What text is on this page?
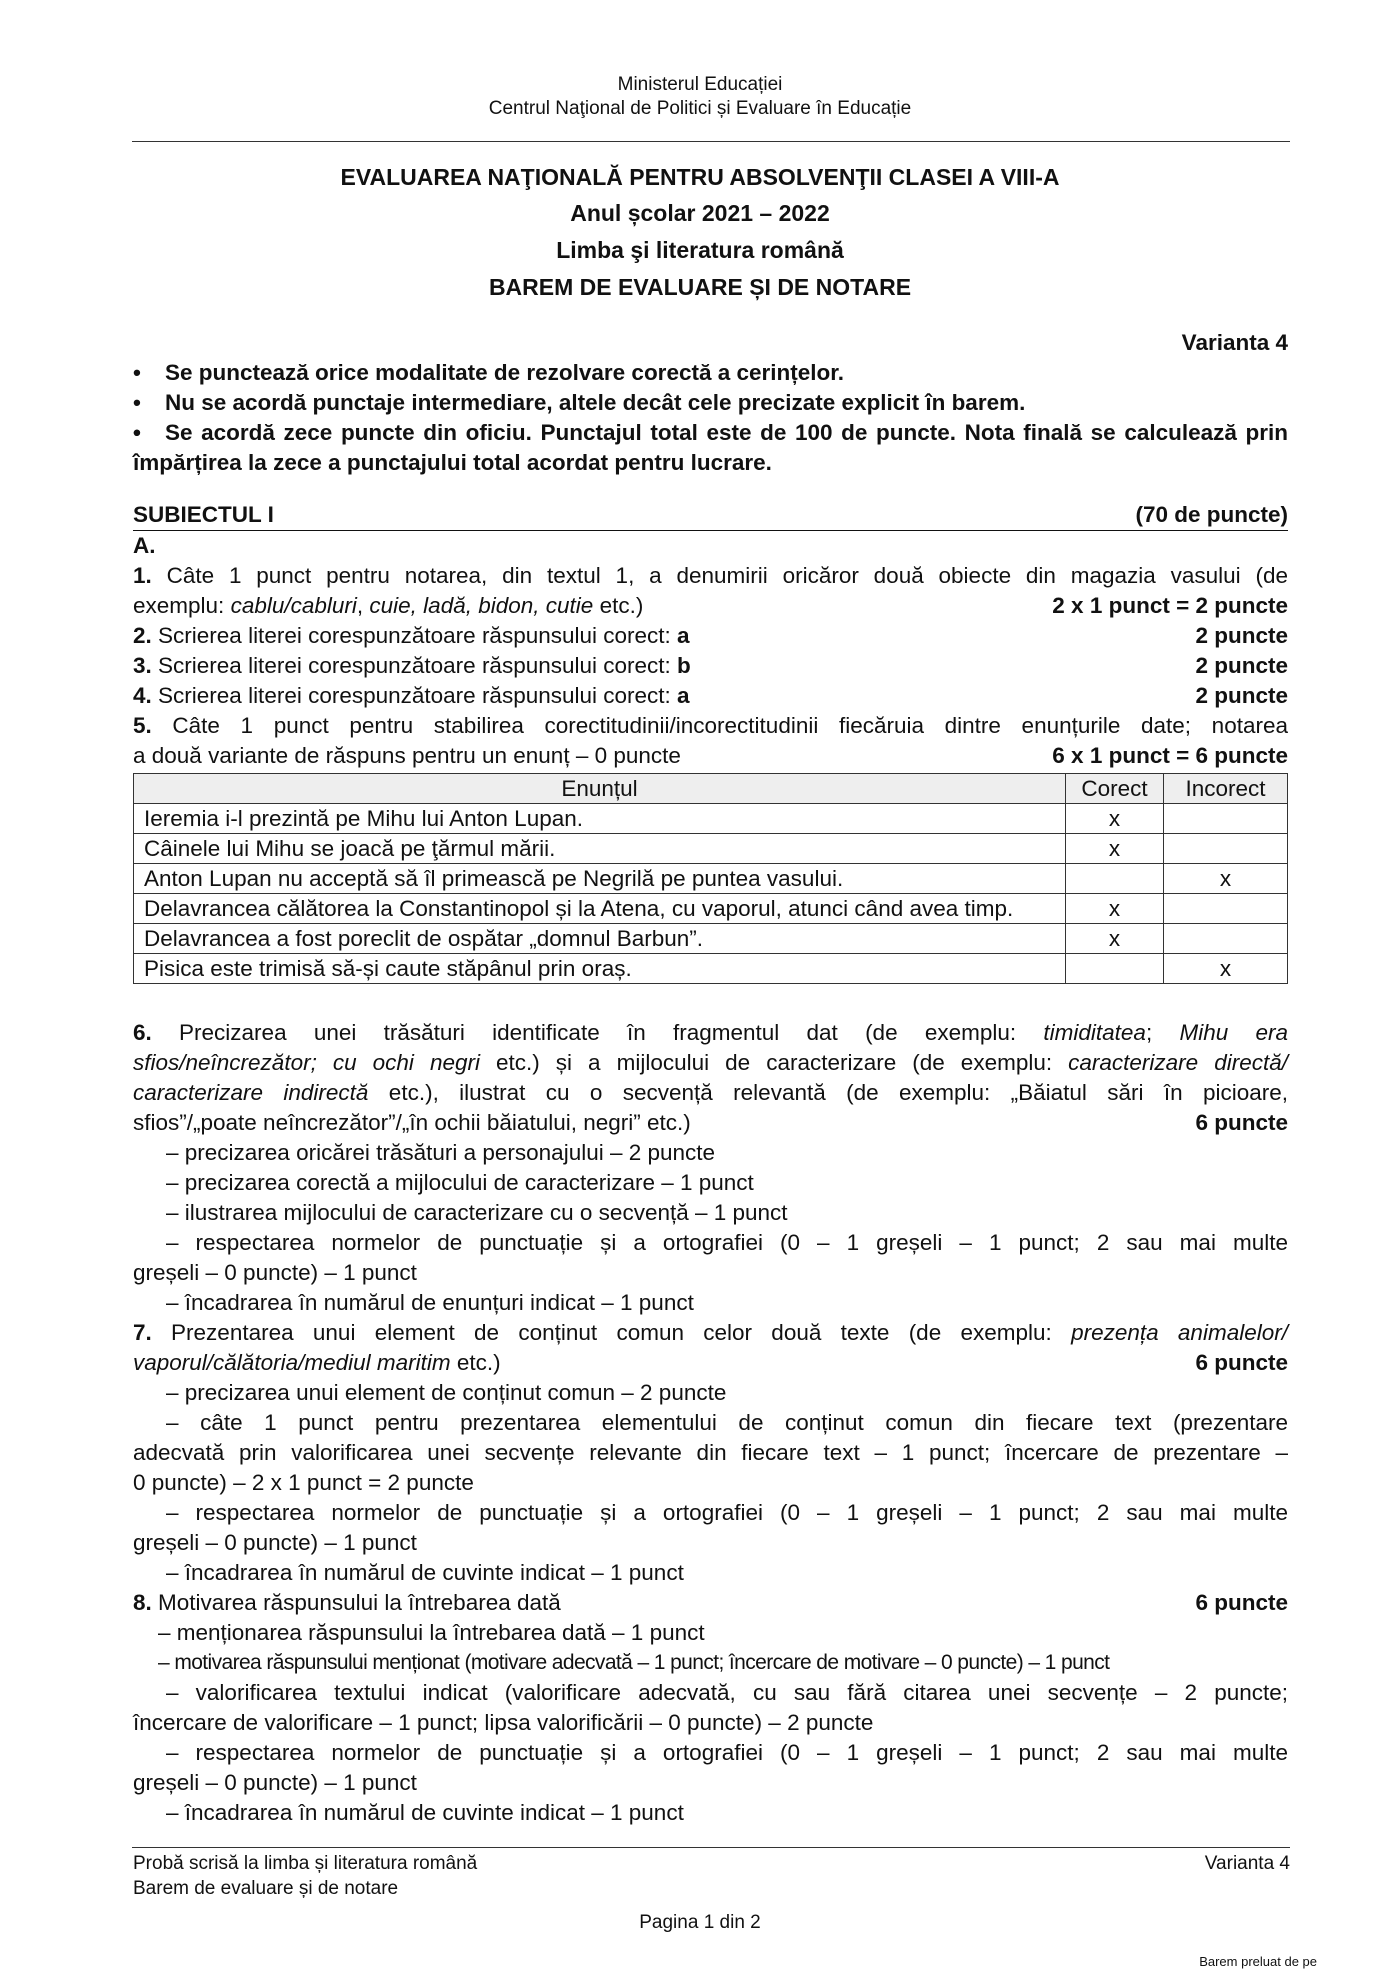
Ministerul Educației
Centrul Naţional de Politici și Evaluare în Educație
EVALUAREA NAŢIONALĂ PENTRU ABSOLVENŢII CLASEI A VIII-A
Anul școlar 2021 – 2022
Limba şi literatura română
BAREM DE EVALUARE ȘI DE NOTARE
Varianta 4
• Se punctează orice modalitate de rezolvare corectă a cerințelor.
• Nu se acordă punctaje intermediare, altele decât cele precizate explicit în barem.
• • Se acordă zece puncte din oficiu. Punctajul total este de 100 de puncte. Nota finală se calculează prin împărțirea la zece a punctajului total acordat pentru lucrare.
SUBIECTUL I	(70 de puncte)
A.
1. Câte 1 punct pentru notarea, din textul 1, a denumirii oricăror două obiecte din magazia vasului (de
exemplu: cablu/cabluri, cuie, ladă, bidon, cutie etc.)	2 x 1 punct = 2 puncte
2. Scrierea literei corespunzătoare răspunsului corect: a	2 puncte
3. Scrierea literei corespunzătoare răspunsului corect: b	2 puncte
4. Scrierea literei corespunzătoare răspunsului corect: a	2 puncte
5. Câte 1 punct pentru stabilirea corectitudinii/incorectitudinii fiecăruia dintre enunțurile date; notarea
a două variante de răspuns pentru un enunț – 0 puncte	6 x 1 punct = 6 puncte
Enunțul	Corect	Incorect
Ieremia i-l prezintă pe Mihu lui Anton Lupan.	x	
Câinele lui Mihu se joacă pe ţărmul mării.	x	
Anton Lupan nu acceptă să îl primească pe Negrilă pe puntea vasului.		x
Delavrancea călătorea la Constantinopol și la Atena, cu vaporul, atunci când avea timp.	x	
Delavrancea a fost poreclit de ospătar „domnul Barbun”.	x	
Pisica este trimisă să-și caute stăpânul prin oraș.		x
6. Precizarea unei trăsături identificate în fragmentul dat (de exemplu: timiditatea; Mihu era
sfios/neîncrezător; cu ochi negri etc.) și a mijlocului de caracterizare (de exemplu: caracterizare directă/
caracterizare indirectă etc.), ilustrat cu o secvență relevantă (de exemplu: „Băiatul sări în picioare,
sfios”/„poate neîncrezător”/„în ochii băiatului, negri” etc.)	6 puncte
– precizarea oricărei trăsături a personajului – 2 puncte
– precizarea corectă a mijlocului de caracterizare – 1 punct
– ilustrarea mijlocului de caracterizare cu o secvență – 1 punct
– respectarea normelor de punctuație și a ortografiei (0 – 1 greșeli – 1 punct; 2 sau mai multe
greșeli – 0 puncte) – 1 punct
– încadrarea în numărul de enunțuri indicat – 1 punct
7. Prezentarea unui element de conținut comun celor două texte (de exemplu: prezența animalelor/
vaporul/călătoria/mediul maritim etc.)	6 puncte
– precizarea unui element de conținut comun – 2 puncte
– câte 1 punct pentru prezentarea elementului de conținut comun din fiecare text (prezentare
adecvată prin valorificarea unei secvențe relevante din fiecare text – 1 punct; încercare de prezentare –
0 puncte) – 2 x 1 punct = 2 puncte
– respectarea normelor de punctuație și a ortografiei (0 – 1 greșeli – 1 punct; 2 sau mai multe
greșeli – 0 puncte) – 1 punct
– încadrarea în numărul de cuvinte indicat – 1 punct
8. Motivarea răspunsului la întrebarea dată	6 puncte
– menționarea răspunsului la întrebarea dată – 1 punct
– motivarea răspunsului menționat (motivare adecvată – 1 punct; încercare de motivare – 0 puncte) – 1 punct
– valorificarea textului indicat (valorificare adecvată, cu sau fără citarea unei secvențe – 2 puncte;
încercare de valorificare – 1 punct; lipsa valorificării – 0 puncte) – 2 puncte
– respectarea normelor de punctuație și a ortografiei (0 – 1 greșeli – 1 punct; 2 sau mai multe
greșeli – 0 puncte) – 1 punct
– încadrarea în numărul de cuvinte indicat – 1 punct
Probă scrisă la limba și literatura română
Barem de evaluare și de notare
Varianta 4
Pagina 1 din 2
Barem preluat de pe
